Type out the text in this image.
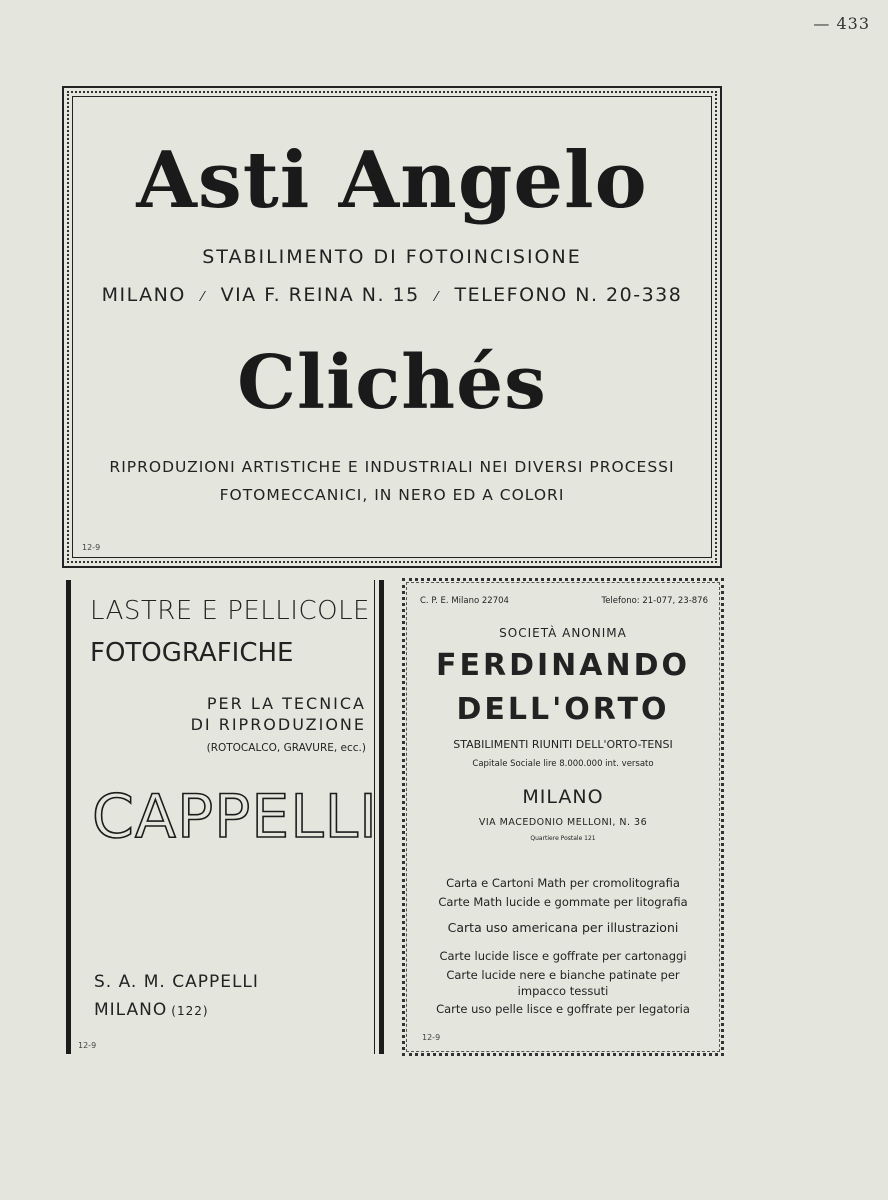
— 433
Asti Angelo
STABILIMENTO DI FOTOINCISIONE
MILANO ⁄ VIA F. REINA N. 15 ⁄ TELEFONO N. 20-338
Clichés
RIPRODUZIONI ARTISTICHE E INDUSTRIALI NEI DIVERSI PROCESSI
FOTOMECCANICI, IN NERO ED A COLORI
12-9
LASTRE E PELLICOLE
FOTOGRAFICHE
PER LA TECNICA
DI RIPRODUZIONE
(ROTOCALCO, GRAVURE, ecc.)
CAPPELLI
S. A. M. CAPPELLI
MILANO (122)
12-9
C. P. E. Milano 22704	Telefono: 21-077, 23-876
SOCIETÀ ANONIMA
FERDINANDO
DELL'ORTO
STABILIMENTI RIUNITI DELL'ORTO-TENSI
Capitale Sociale lire 8.000.000 int. versato
MILANO
VIA MACEDONIO MELLONI, N. 36
Quartiere Postale 121
Carta e Cartoni Math per cromolitografia
Carte Math lucide e gommate per litografia
Carta uso americana per illustrazioni
Carte lucide lisce e goffrate per cartonaggi
Carte lucide nere e bianche patinate per
impacco tessuti
Carte uso pelle lisce e goffrate per legatoria
12-9
